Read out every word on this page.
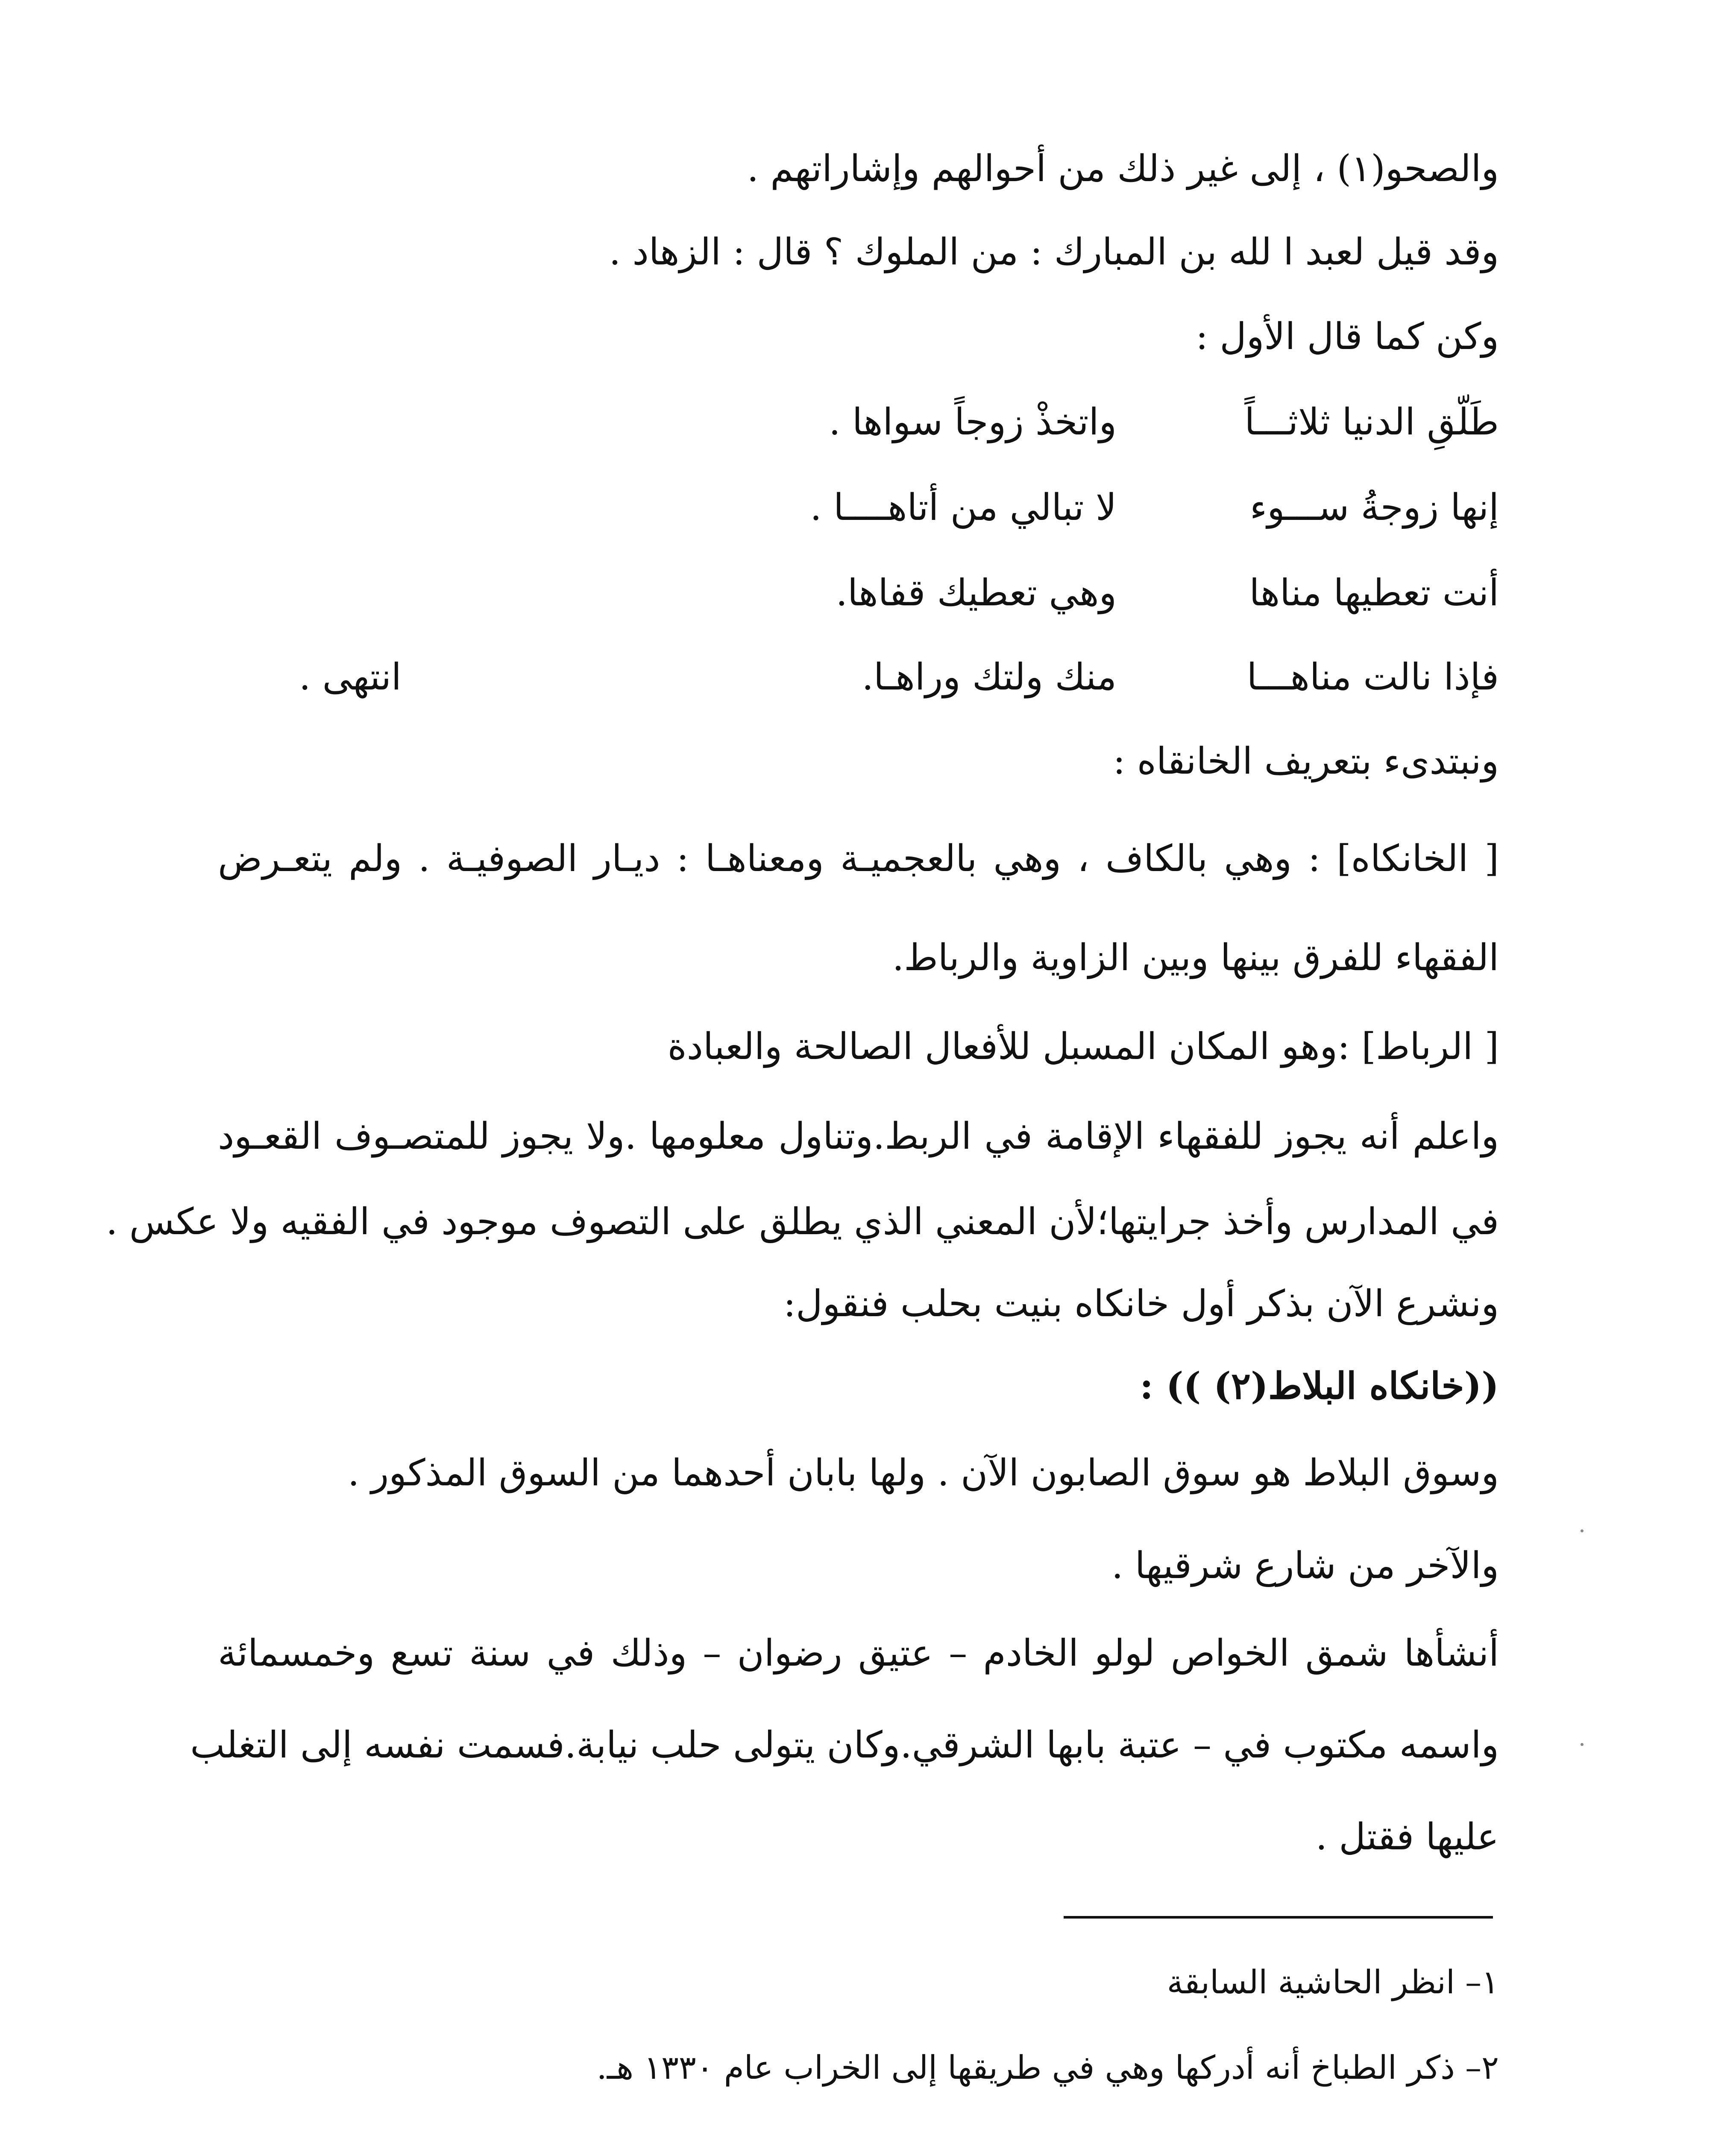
والصحو(١) ، إلى غير ذلك من أحوالهم وإشاراتهم .
وقد قيل لعبد ا لله بن المبارك : من الملوك ؟ قال : الزهاد .
وكن كما قال الأول :
طَلّقِ الدنيا ثلاثـــاً
واتخذْ زوجاً سواها .
إنها زوجةُ ســـوء
لا تبالي من أتاهــــا .
أنت تعطيها مناها
وهي تعطيك قفاها.
فإذا نالت مناهـــا
منك ولتك وراهـا.
انتهى .
ونبتدىء بتعريف الخانقاه :
[ الخانكاه] : وهي بالكاف ، وهي بالعجميـة ومعناهـا : ديـار الصوفيـة . ولم يتعـرض
الفقهاء للفرق بينها وبين الزاوية والرباط.
[ الرباط] :وهو المكان المسبل للأفعال الصالحة والعبادة
واعلم أنه يجوز للفقهاء الإقامة في الربط.وتناول معلومها .ولا يجوز للمتصـوف القعـود
في المدارس وأخذ جرايتها؛لأن المعني الذي يطلق على التصوف موجود في الفقيه ولا عكس .
ونشرع الآن بذكر أول خانكاه بنيت بحلب فنقول:
((خانكاه البلاط(٢) )) :
وسوق البلاط هو سوق الصابون الآن . ولها بابان أحدهما من السوق المذكور .
والآخر من شارع شرقيها .
أنشأها شمق الخواص لولو الخادم – عتيق رضوان – وذلك في سنة تسع وخمسمائة
واسمه مكتوب في – عتبة بابها الشرقي.وكان يتولى حلب نيابة.فسمت نفسه إلى التغلب
عليها فقتل .
١– انظر الحاشية السابقة
٢– ذكر الطباخ أنه أدركها وهي في طريقها إلى الخراب عام ١٣٣٠ هـ.
